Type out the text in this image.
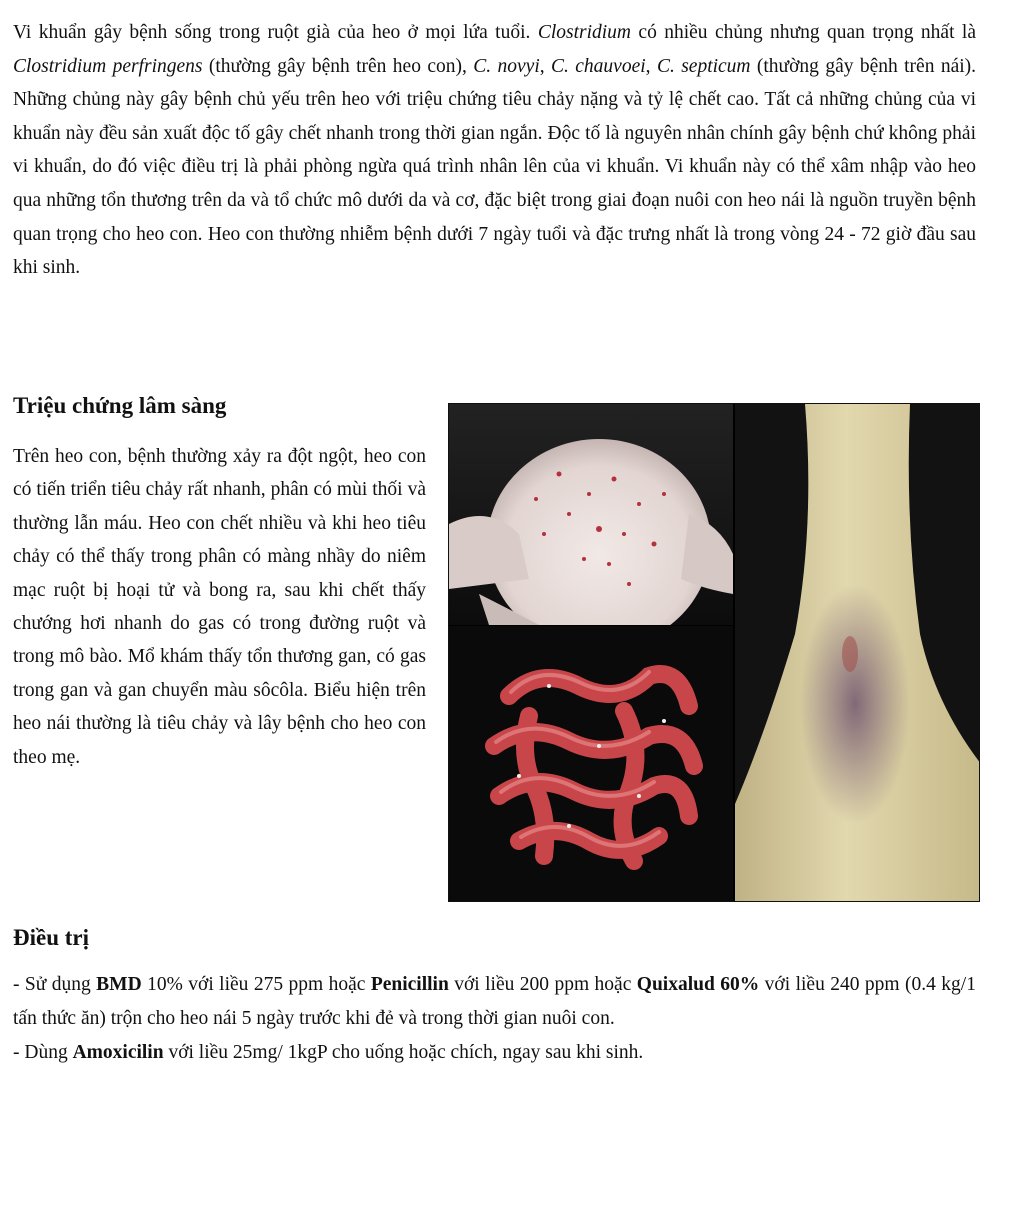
Vi khuẩn gây bệnh sống trong ruột già của heo ở mọi lứa tuổi. Clostridium có nhiều chủng nhưng quan trọng nhất là Clostridium perfringens (thường gây bệnh trên heo con), C. novyi, C. chauvoei, C. septicum (thường gây bệnh trên nái). Những chủng này gây bệnh chủ yếu trên heo với triệu chứng tiêu chảy nặng và tỷ lệ chết cao. Tất cả những chủng của vi khuẩn này đều sản xuất độc tố gây chết nhanh trong thời gian ngắn. Độc tố là nguyên nhân chính gây bệnh chứ không phải vi khuẩn, do đó việc điều trị là phải phòng ngừa quá trình nhân lên của vi khuẩn. Vi khuẩn này có thể xâm nhập vào heo qua những tổn thương trên da và tổ chức mô dưới da và cơ, đặc biệt trong giai đoạn nuôi con heo nái là nguồn truyền bệnh quan trọng cho heo con. Heo con thường nhiễm bệnh dưới 7 ngày tuổi và đặc trưng nhất là trong vòng 24 - 72 giờ đầu sau khi sinh.

Triệu chứng lâm sàng

Trên heo con, bệnh thường xảy ra đột ngột, heo con có tiến triển tiêu chảy rất nhanh, phân có mùi thối và thường lẫn máu. Heo con chết nhiều và khi heo tiêu chảy có thể thấy trong phân có màng nhầy do niêm mạc ruột bị hoại tử và bong ra, sau khi chết thấy chướng hơi nhanh do gas có trong đường ruột và trong mô bào. Mổ khám thấy tổn thương gan, có gas trong gan và gan chuyển màu sôcôla. Biểu hiện trên heo nái thường là tiêu chảy và lây bệnh cho heo con theo mẹ.

Điều trị

- Sử dụng BMD 10% với liều 275 ppm hoặc Penicillin với liều 200 ppm hoặc Quixalud 60% với liều 240 ppm (0.4 kg/1 tấn thức ăn) trộn cho heo nái 5 ngày trước khi đẻ và trong thời gian nuôi con.

- Dùng Amoxicilin với liều 25mg/ 1kgP cho uống hoặc chích, ngay sau khi sinh.
